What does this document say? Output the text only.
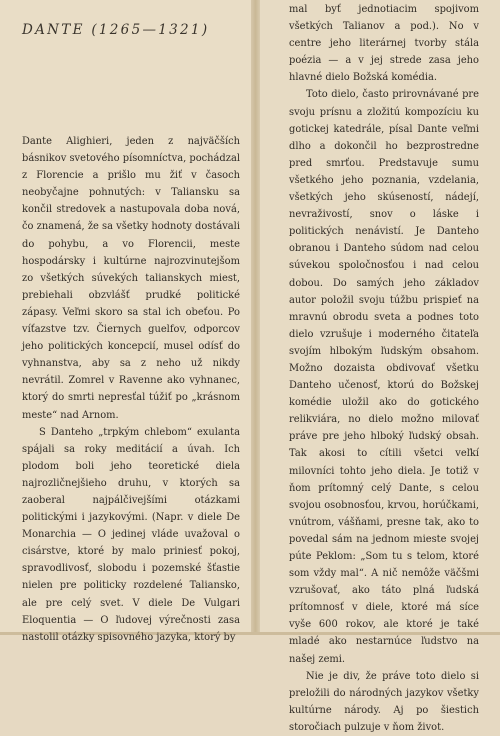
DANTE (1265—1321)

Dante Alighieri, jeden z najväčších básnikov svetového písomníctva, pochádzal z Florencie a prišlo mu žiť v časoch neobyčajne pohnutých: v Taliansku sa končil stredovek a nastupovala doba nová, čo znamená, že sa všetky hodnoty dostávali do pohybu, a vo Florencii, meste hospodársky i kultúrne najrozvinutejšom zo všetkých súvekých talianskych miest, prebiehali obzvlášť prudké politické zápasy. Veľmi skoro sa stal ich obeťou. Po víťazstve tzv. Čiernych guelfov, odporcov jeho politických koncepcií, musel odísť do vyhnanstva, aby sa z neho už nikdy nevrátil. Zomrel v Ravenne ako vyhnanec, ktorý do smrti nepresťal túžiť po „krásnom meste“ nad Arnom.

S Danteho „trpkým chlebom“ exulanta spájali sa roky meditácií a úvah. Ich plodom boli jeho teoretické diela najrozličnejšieho druhu, v ktorých sa zaoberal najpálčivejšími otázkami politickými i jazykovými. (Napr. v diele De Monarchia — O jedinej vláde uvažoval o cisárstve, ktoré by malo priniesť pokoj, spravodlivosť, slobodu i pozemské šťastie nielen pre politicky rozdelené Taliansko, ale pre celý svet. V diele De Vulgari Eloquentia — O ľudovej výrečnosti zasa nastolil otázky spisovného jazyka, ktorý by

mal byť jednotiacim spojivom všetkých Talianov a pod.). No v centre jeho literárnej tvorby stála poézia — a v jej strede zasa jeho hlavné dielo Božská komédia.

Toto dielo, často prirovnávané pre svoju prísnu a zložitú kompozíciu ku gotickej katedrále, písal Dante veľmi dlho a dokončil ho bezprostredne pred smrťou. Predstavuje sumu všetkého jeho poznania, vzdelania, všetkých jeho skúseností, nádejí, nevraživostí, snov o láske i politických nenávistí. Je Danteho obranou i Danteho súdom nad celou súvekou spoločnosťou i nad celou dobou. Do samých jeho základov autor položil svoju túžbu prispieť na mravnú obrodu sveta a podnes toto dielo vzrušuje i moderného čitateľa svojím hlbokým ľudským obsahom. Možno dozaista obdivovať všetku Danteho učenosť, ktorú do Božskej komédie uložil ako do gotického relikviára, no dielo možno milovať práve pre jeho hlboký ľudský obsah. Tak akosi to cítili všetci veľkí milovníci tohto jeho diela. Je totiž v ňom prítomný celý Dante, s celou svojou osobnosťou, krvou, horúčkami, vnútrom, vášňami, presne tak, ako to povedal sám na jednom mieste svojej púte Peklom: „Som tu s telom, ktoré som vždy mal“. A nič nemôže väčšmi vzrušovať, ako táto plná ľudská prítomnosť v diele, ktoré má síce vyše 600 rokov, ale ktoré je také mladé ako nestarnúce ľudstvo na našej zemi.

Nie je div, že práve toto dielo si preložili do národných jazykov všetky kultúrne národy. Aj po šiestich storočiach pulzuje v ňom život.
